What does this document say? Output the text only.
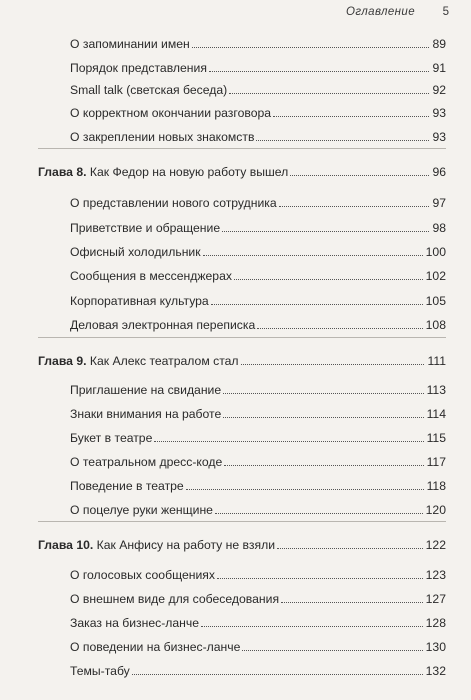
Оглавление 5
О запоминании имен	89
Порядок представления	91
Small talk (светская беседа)	92
О корректном окончании разговора	93
О закреплении новых знакомств	93
Глава 8. Как Федор на новую работу вышел	96
О представлении нового сотрудника	97
Приветствие и обращение	98
Офисный холодильник	100
Сообщения в мессенджерах	102
Корпоративная культура	105
Деловая электронная переписка	108
Глава 9. Как Алекс театралом стал	111
Приглашение на свидание	113
Знаки внимания на работе	114
Букет в театре	115
О театральном дресс-коде	117
Поведение в театре	118
О поцелуе руки женщине	120
Глава 10. Как Анфису на работу не взяли	122
О голосовых сообщениях	123
О внешнем виде для собеседования	127
Заказ на бизнес-ланче	128
О поведении на бизнес-ланче	130
Темы-табу	132
